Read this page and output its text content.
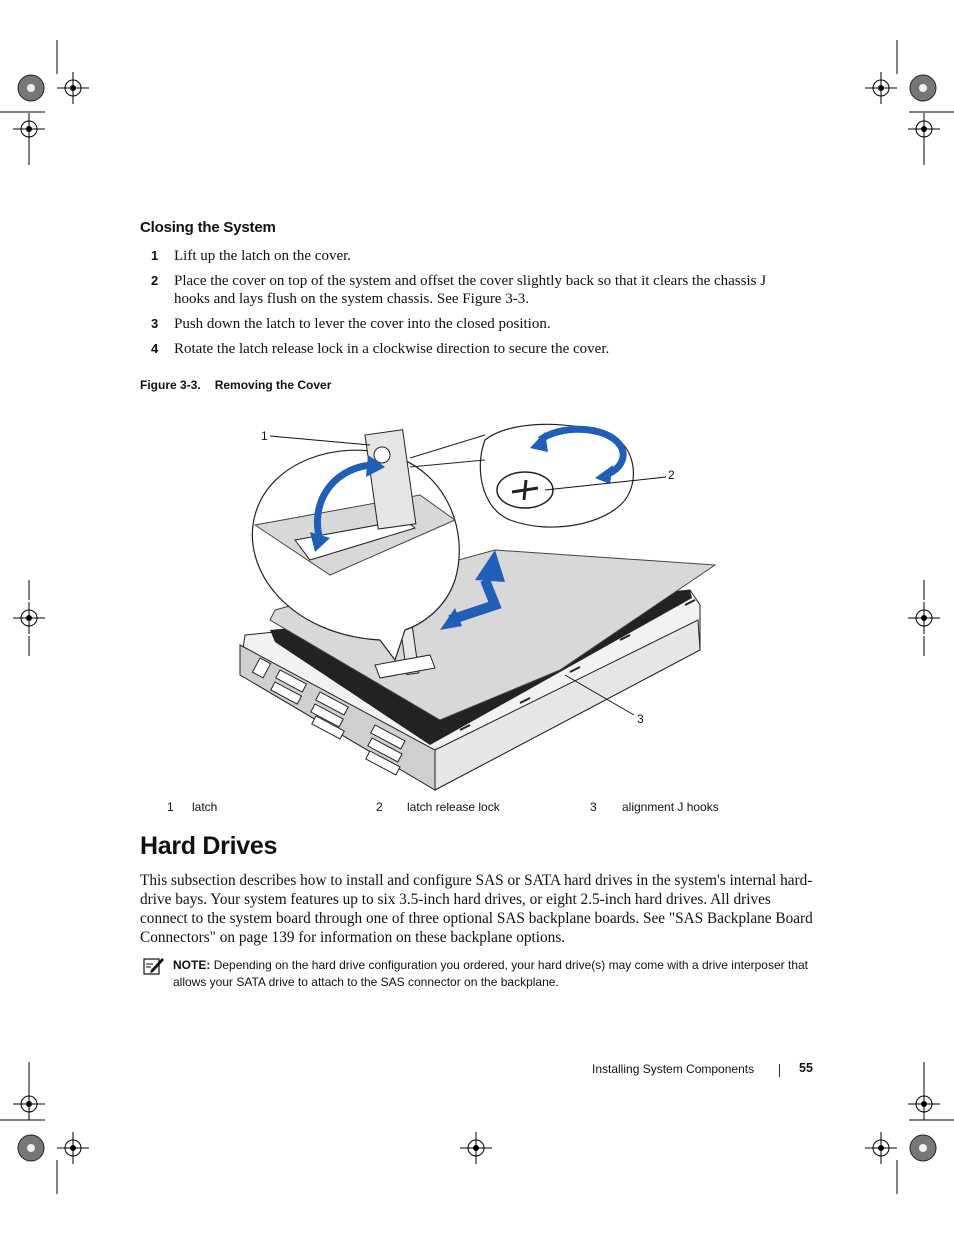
Closing the System
1 Lift up the latch on the cover.
2 Place the cover on top of the system and offset the cover slightly back so that it clears the chassis J hooks and lays flush on the system chassis. See Figure 3-3.
3 Push down the latch to lever the cover into the closed position.
4 Rotate the latch release lock in a clockwise direction to secure the cover.
Figure 3-3. Removing the Cover
1
2
3
1 latch	2 latch release lock	3 alignment J hooks
Hard Drives
This subsection describes how to install and configure SAS or SATA hard drives in the system's internal hard-drive bays. Your system features up to six 3.5-inch hard drives, or eight 2.5-inch hard drives. All drives connect to the system board through one of three optional SAS backplane boards. See "SAS Backplane Board Connectors" on page 139 for information on these backplane options.
NOTE: Depending on the hard drive configuration you ordered, your hard drive(s) may come with a drive interposer that allows your SATA drive to attach to the SAS connector on the backplane.
Installing System Components	55
